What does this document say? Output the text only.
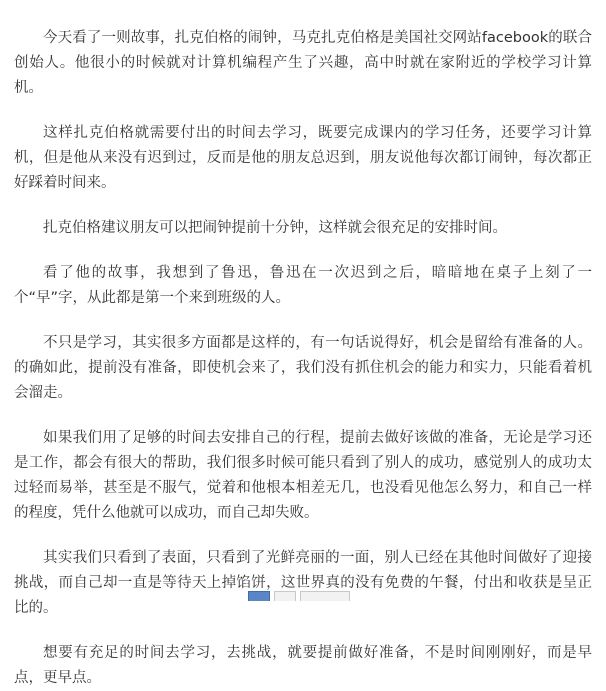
今天看了一则故事，扎克伯格的闹钟，马克扎克伯格是美国社交网站facebook的联合创始人。他很小的时候就对计算机编程产生了兴趣，高中时就在家附近的学校学习计算机。

这样扎克伯格就需要付出的时间去学习，既要完成课内的学习任务，还要学习计算机，但是他从来没有迟到过，反而是他的朋友总迟到，朋友说他每次都订闹钟，每次都正好踩着时间来。

扎克伯格建议朋友可以把闹钟提前十分钟，这样就会很充足的安排时间。

看了他的故事，我想到了鲁迅，鲁迅在一次迟到之后，暗暗地在桌子上刻了一个“早”字，从此都是第一个来到班级的人。

不只是学习，其实很多方面都是这样的，有一句话说得好，机会是留给有准备的人。的确如此，提前没有准备，即使机会来了，我们没有抓住机会的能力和实力，只能看着机会溜走。

如果我们用了足够的时间去安排自己的行程，提前去做好该做的准备，无论是学习还是工作，都会有很大的帮助，我们很多时候可能只看到了别人的成功，感觉别人的成功太过轻而易举，甚至是不服气，觉着和他根本相差无几，也没看见他怎么努力，和自己一样的程度，凭什么他就可以成功，而自己却失败。

其实我们只看到了表面，只看到了光鲜亮丽的一面，别人已经在其他时间做好了迎接挑战，而自己却一直是等待天上掉馅饼，这世界真的没有免费的午餐，付出和收获是呈正比的。

想要有充足的时间去学习，去挑战，就要提前做好准备，不是时间刚刚好，而是早点，更早点。
